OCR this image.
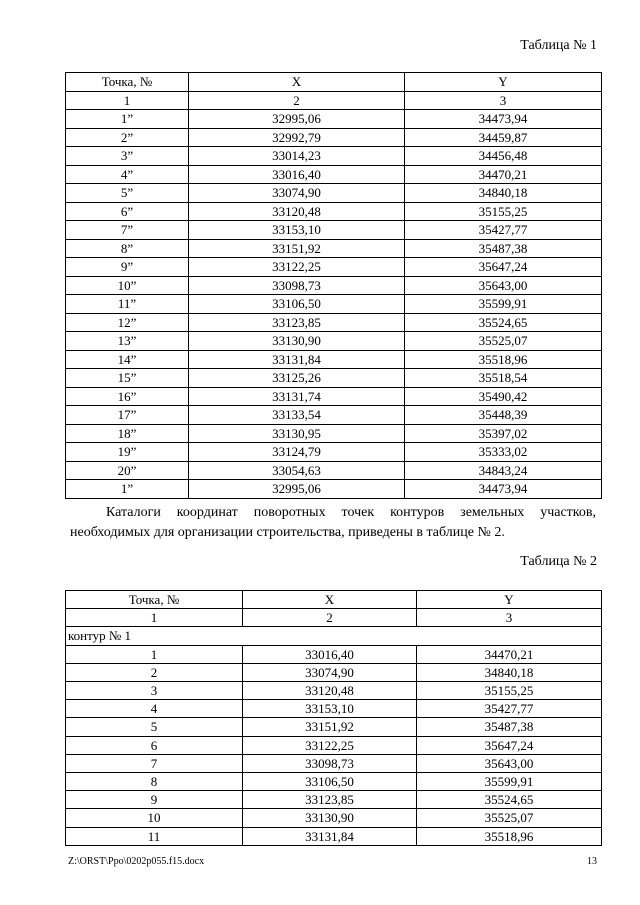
Таблица № 1
Точка, №	X	Y
1	2	3
1”	32995,06	34473,94
2”	32992,79	34459,87
3”	33014,23	34456,48
4”	33016,40	34470,21
5”	33074,90	34840,18
6”	33120,48	35155,25
7”	33153,10	35427,77
8”	33151,92	35487,38
9”	33122,25	35647,24
10”	33098,73	35643,00
11”	33106,50	35599,91
12”	33123,85	35524,65
13”	33130,90	35525,07
14”	33131,84	35518,96
15”	33125,26	35518,54
16”	33131,74	35490,42
17”	33133,54	35448,39
18”	33130,95	35397,02
19”	33124,79	35333,02
20”	33054,63	34843,24
1”	32995,06	34473,94

Каталоги координат поворотных точек контуров земельных участков, необходимых для организации строительства, приведены в таблице № 2.

Таблица № 2
Точка, №	X	Y
1	2	3
контур № 1		
1	33016,40	34470,21
2	33074,90	34840,18
3	33120,48	35155,25
4	33153,10	35427,77
5	33151,92	35487,38
6	33122,25	35647,24
7	33098,73	35643,00
8	33106,50	35599,91
9	33123,85	35524,65
10	33130,90	35525,07
11	33131,84	35518,96
Z:\ORST\Ppo\0202p055.f15.docx	13
